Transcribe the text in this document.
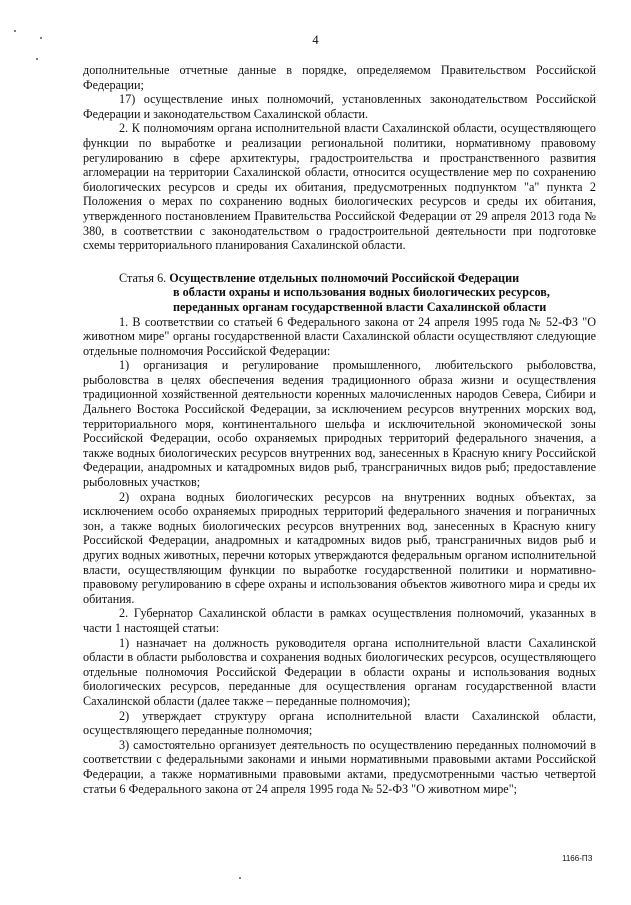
4

дополнительные отчетные данные в порядке, определяемом Правительством Российской Федерации;

17) осуществление иных полномочий, установленных законодательством Российской Федерации и законодательством Сахалинской области.

2. К полномочиям органа исполнительной власти Сахалинской области, осуществляющего функции по выработке и реализации региональной политики, нормативному правовому регулированию в сфере архитектуры, градостроительства и пространственного развития агломерации на территории Сахалинской области, относится осуществление мер по сохранению биологических ресурсов и среды их обитания, предусмотренных подпунктом "а" пункта 2 Положения о мерах по сохранению водных биологических ресурсов и среды их обитания, утвержденного постановлением Правительства Российской Федерации от 29 апреля 2013 года № 380, в соответствии с законодательством о градостроительной деятельности при подготовке схемы территориального планирования Сахалинской области.

Статья 6. Осуществление отдельных полномочий Российской Федерации
в области охраны и использования водных биологических ресурсов,
переданных органам государственной власти Сахалинской области

1. В соответствии со статьей 6 Федерального закона от 24 апреля 1995 года № 52-ФЗ "О животном мире" органы государственной власти Сахалинской области осуществляют следующие отдельные полномочия Российской Федерации:

1) организация и регулирование промышленного, любительского рыболовства, рыболовства в целях обеспечения ведения традиционного образа жизни и осуществления традиционной хозяйственной деятельности коренных малочисленных народов Севера, Сибири и Дальнего Востока Российской Федерации, за исключением ресурсов внутренних морских вод, территориального моря, континентального шельфа и исключительной экономической зоны Российской Федерации, особо охраняемых природных территорий федерального значения, а также водных биологических ресурсов внутренних вод, занесенных в Красную книгу Российской Федерации, анадромных и катадромных видов рыб, трансграничных видов рыб; предоставление рыболовных участков;

2) охрана водных биологических ресурсов на внутренних водных объектах, за исключением особо охраняемых природных территорий федерального значения и пограничных зон, а также водных биологических ресурсов внутренних вод, занесенных в Красную книгу Российской Федерации, анадромных и катадромных видов рыб, трансграничных видов рыб и других водных животных, перечни которых утверждаются федеральным органом исполнительной власти, осуществляющим функции по выработке государственной политики и нормативно-правовому регулированию в сфере охраны и использования объектов животного мира и среды их обитания.

2. Губернатор Сахалинской области в рамках осуществления полномочий, указанных в части 1 настоящей статьи:

1) назначает на должность руководителя органа исполнительной власти Сахалинской области в области рыболовства и сохранения водных биологических ресурсов, осуществляющего отдельные полномочия Российской Федерации в области охраны и использования водных биологических ресурсов, переданные для осуществления органам государственной власти Сахалинской области (далее также – переданные полномочия);

2) утверждает структуру органа исполнительной власти Сахалинской области, осуществляющего переданные полномочия;

3) самостоятельно организует деятельность по осуществлению переданных полномочий в соответствии с федеральными законами и иными нормативными правовыми актами Российской Федерации, а также нормативными правовыми актами, предусмотренными частью четвертой статьи 6 Федерального закона от 24 апреля 1995 года № 52-ФЗ "О животном мире";

1166-ПЗ
